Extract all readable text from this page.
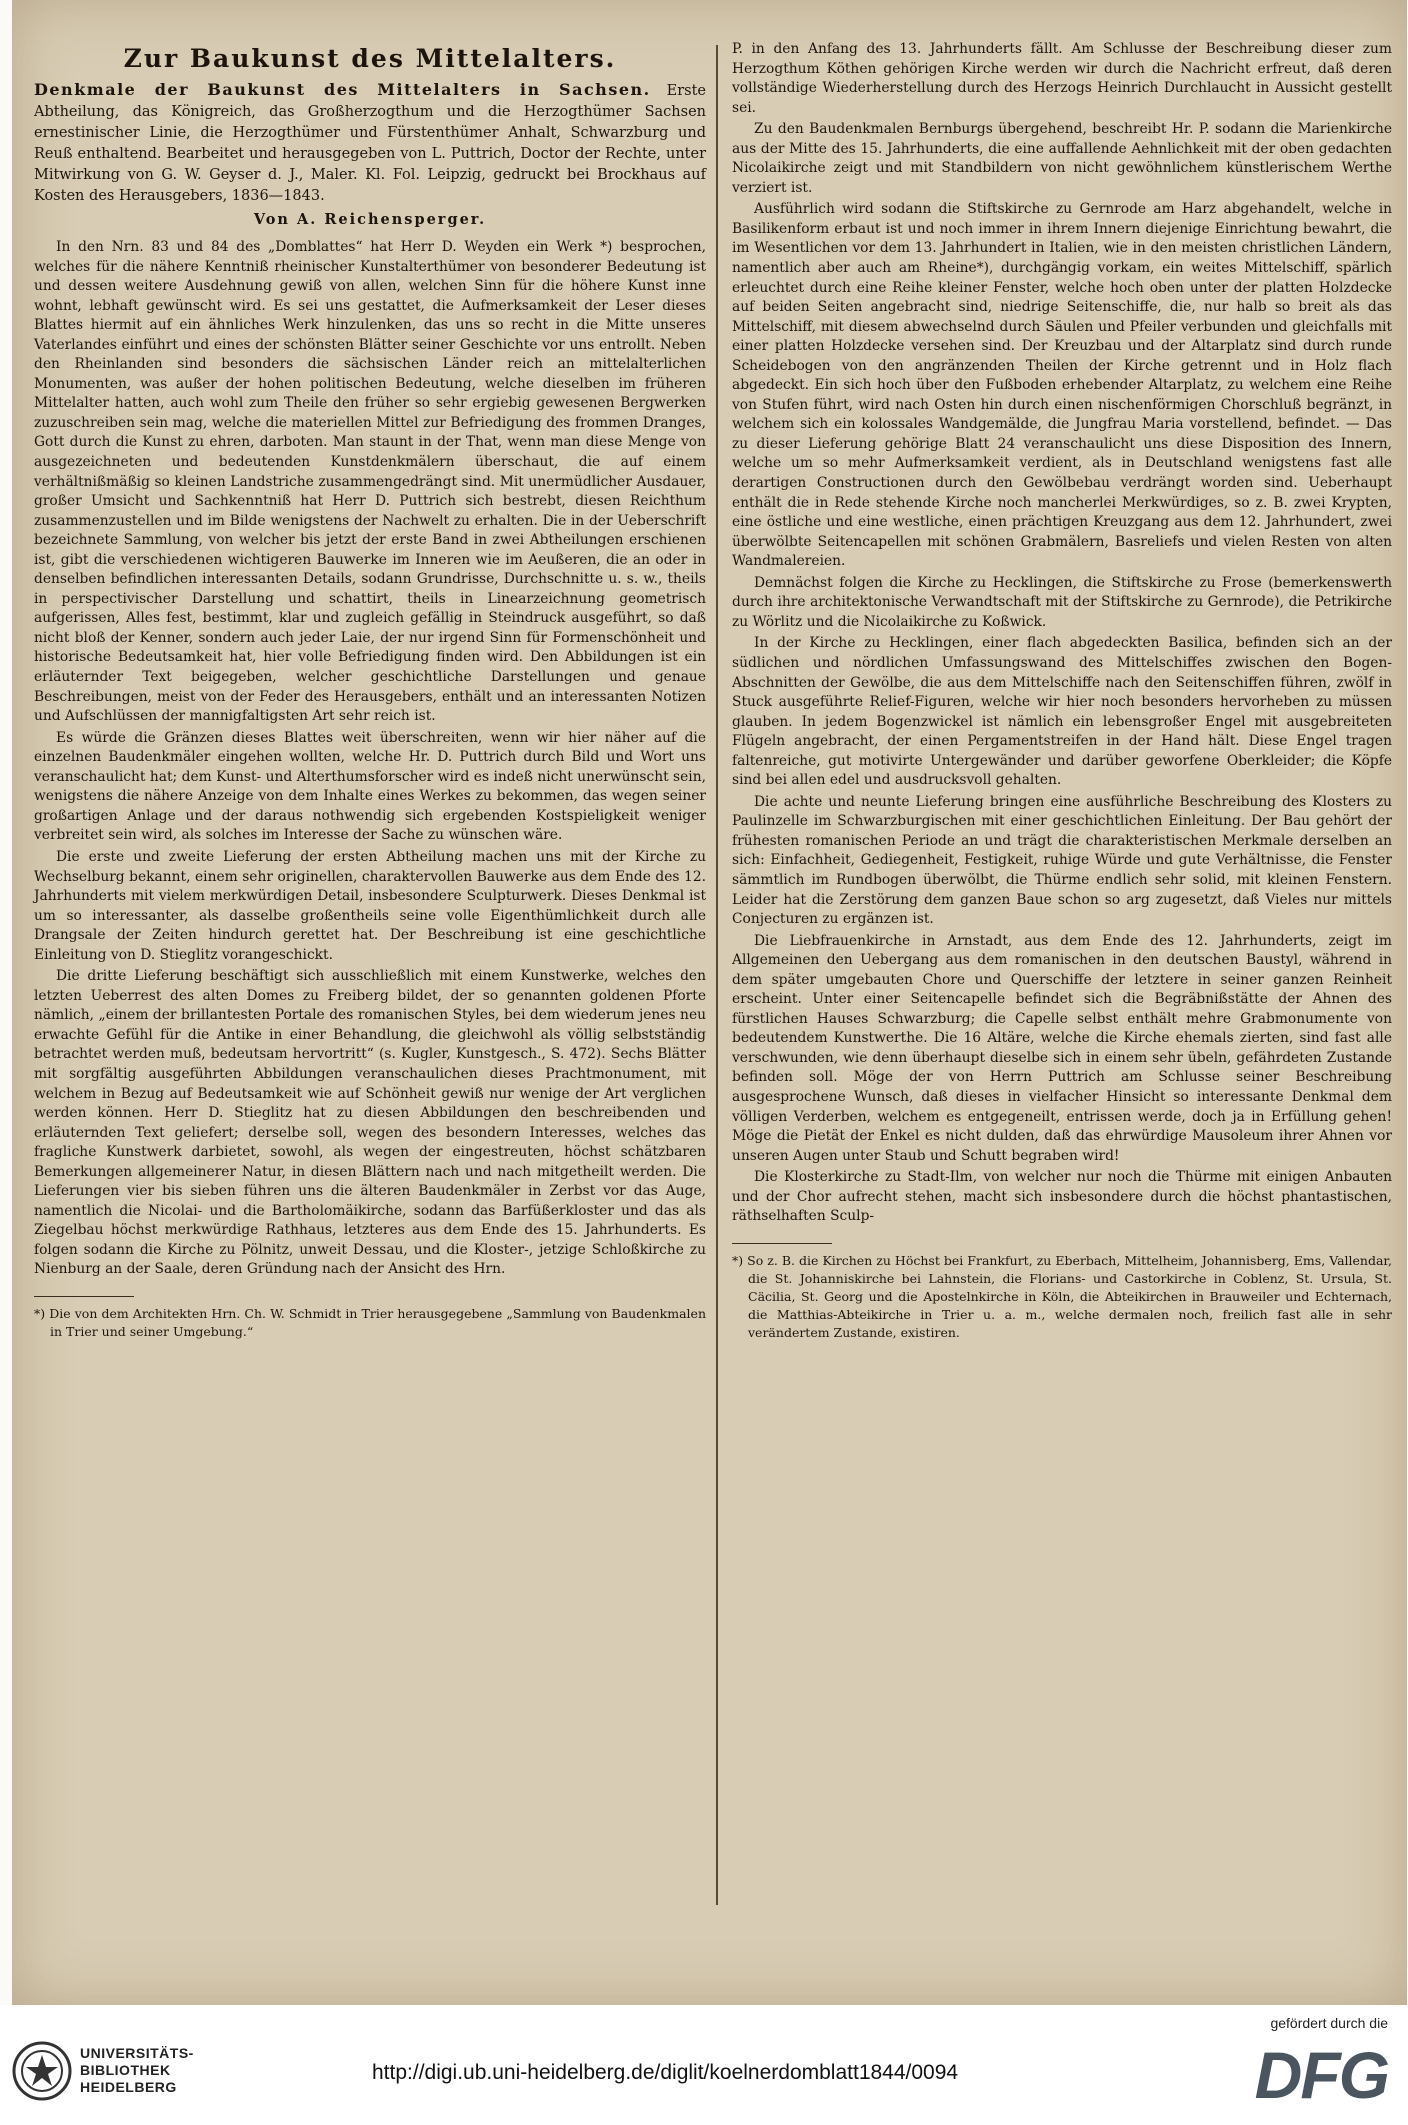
Zur Baukunst des Mittelalters.

Denkmale der Baukunst des Mittelalters in Sachsen. Erste Abtheilung, das Königreich, das Großherzogthum und die Herzogthümer Sachsen ernestinischer Linie, die Herzogthümer und Fürstenthümer Anhalt, Schwarzburg und Reuß enthaltend. Bearbeitet und herausgegeben von L. Puttrich, Doctor der Rechte, unter Mitwirkung von G. W. Geyser d. J., Maler. Kl. Fol. Leipzig, gedruckt bei Brockhaus auf Kosten des Herausgebers, 1836—1843.

Von A. Reichensperger.

In den Nrn. 83 und 84 des „Domblattes“ hat Herr D. Weyden ein Werk *) besprochen, welches für die nähere Kenntniß rheinischer Kunstalterthümer von besonderer Bedeutung ist und dessen weitere Ausdehnung gewiß von allen, welchen Sinn für die höhere Kunst inne wohnt, lebhaft gewünscht wird. Es sei uns gestattet, die Aufmerksamkeit der Leser dieses Blattes hiermit auf ein ähnliches Werk hinzulenken, das uns so recht in die Mitte unseres Vaterlandes einführt und eines der schönsten Blätter seiner Geschichte vor uns entrollt. Neben den Rheinlanden sind besonders die sächsischen Länder reich an mittelalterlichen Monumenten, was außer der hohen politischen Bedeutung, welche dieselben im früheren Mittelalter hatten, auch wohl zum Theile den früher so sehr ergiebig gewesenen Bergwerken zuzuschreiben sein mag, welche die materiellen Mittel zur Befriedigung des frommen Dranges, Gott durch die Kunst zu ehren, darboten. Man staunt in der That, wenn man diese Menge von ausgezeichneten und bedeutenden Kunstdenkmälern überschaut, die auf einem verhältnißmäßig so kleinen Landstriche zusammengedrängt sind. Mit unermüdlicher Ausdauer, großer Umsicht und Sachkenntniß hat Herr D. Puttrich sich bestrebt, diesen Reichthum zusammenzustellen und im Bilde wenigstens der Nachwelt zu erhalten. Die in der Ueberschrift bezeichnete Sammlung, von welcher bis jetzt der erste Band in zwei Abtheilungen erschienen ist, gibt die verschiedenen wichtigeren Bauwerke im Inneren wie im Aeußeren, die an oder in denselben befindlichen interessanten Details, sodann Grundrisse, Durchschnitte u. s. w., theils in perspectivischer Darstellung und schattirt, theils in Linearzeichnung geometrisch aufgerissen, Alles fest, bestimmt, klar und zugleich gefällig in Steindruck ausgeführt, so daß nicht bloß der Kenner, sondern auch jeder Laie, der nur irgend Sinn für Formenschönheit und historische Bedeutsamkeit hat, hier volle Befriedigung finden wird. Den Abbildungen ist ein erläuternder Text beigegeben, welcher geschichtliche Darstellungen und genaue Beschreibungen, meist von der Feder des Herausgebers, enthält und an interessanten Notizen und Aufschlüssen der mannigfaltigsten Art sehr reich ist.

Es würde die Gränzen dieses Blattes weit überschreiten, wenn wir hier näher auf die einzelnen Baudenkmäler eingehen wollten, welche Hr. D. Puttrich durch Bild und Wort uns veranschaulicht hat; dem Kunst- und Alterthumsforscher wird es indeß nicht unerwünscht sein, wenigstens die nähere Anzeige von dem Inhalte eines Werkes zu bekommen, das wegen seiner großartigen Anlage und der daraus nothwendig sich ergebenden Kostspieligkeit weniger verbreitet sein wird, als solches im Interesse der Sache zu wünschen wäre.

Die erste und zweite Lieferung der ersten Abtheilung machen uns mit der Kirche zu Wechselburg bekannt, einem sehr originellen, charaktervollen Bauwerke aus dem Ende des 12. Jahrhunderts mit vielem merkwürdigen Detail, insbesondere Sculpturwerk. Dieses Denkmal ist um so interessanter, als dasselbe großentheils seine volle Eigenthümlichkeit durch alle Drangsale der Zeiten hindurch gerettet hat. Der Beschreibung ist eine geschichtliche Einleitung von D. Stieglitz vorangeschickt.

Die dritte Lieferung beschäftigt sich ausschließlich mit einem Kunstwerke, welches den letzten Ueberrest des alten Domes zu Freiberg bildet, der so genannten goldenen Pforte nämlich, „einem der brillantesten Portale des romanischen Styles, bei dem wiederum jenes neu erwachte Gefühl für die Antike in einer Behandlung, die gleichwohl als völlig selbstständig betrachtet werden muß, bedeutsam hervortritt“ (s. Kugler, Kunstgesch., S. 472). Sechs Blätter mit sorgfältig ausgeführten Abbildungen veranschaulichen dieses Prachtmonument, mit welchem in Bezug auf Bedeutsamkeit wie auf Schönheit gewiß nur wenige der Art verglichen werden können. Herr D. Stieglitz hat zu diesen Abbildungen den beschreibenden und erläuternden Text geliefert; derselbe soll, wegen des besondern Interesses, welches das fragliche Kunstwerk darbietet, sowohl, als wegen der eingestreuten, höchst schätzbaren Bemerkungen allgemeinerer Natur, in diesen Blättern nach und nach mitgetheilt werden. Die Lieferungen vier bis sieben führen uns die älteren Baudenkmäler in Zerbst vor das Auge, namentlich die Nicolai- und die Bartholomäikirche, sodann das Barfüßerkloster und das als Ziegelbau höchst merkwürdige Rathhaus, letzteres aus dem Ende des 15. Jahrhunderts. Es folgen sodann die Kirche zu Pölnitz, unweit Dessau, und die Kloster-, jetzige Schloßkirche zu Nienburg an der Saale, deren Gründung nach der Ansicht des Hrn.

*) Die von dem Architekten Hrn. Ch. W. Schmidt in Trier herausgegebene „Sammlung von Baudenkmalen in Trier und seiner Umgebung.“

P. in den Anfang des 13. Jahrhunderts fällt. Am Schlusse der Beschreibung dieser zum Herzogthum Köthen gehörigen Kirche werden wir durch die Nachricht erfreut, daß deren vollständige Wiederherstellung durch des Herzogs Heinrich Durchlaucht in Aussicht gestellt sei.

Zu den Baudenkmalen Bernburgs übergehend, beschreibt Hr. P. sodann die Marienkirche aus der Mitte des 15. Jahrhunderts, die eine auffallende Aehnlichkeit mit der oben gedachten Nicolaikirche zeigt und mit Standbildern von nicht gewöhnlichem künstlerischem Werthe verziert ist.

Ausführlich wird sodann die Stiftskirche zu Gernrode am Harz abgehandelt, welche in Basilikenform erbaut ist und noch immer in ihrem Innern diejenige Einrichtung bewahrt, die im Wesentlichen vor dem 13. Jahrhundert in Italien, wie in den meisten christlichen Ländern, namentlich aber auch am Rheine*), durchgängig vorkam, ein weites Mittelschiff, spärlich erleuchtet durch eine Reihe kleiner Fenster, welche hoch oben unter der platten Holzdecke auf beiden Seiten angebracht sind, niedrige Seitenschiffe, die, nur halb so breit als das Mittelschiff, mit diesem abwechselnd durch Säulen und Pfeiler verbunden und gleichfalls mit einer platten Holzdecke versehen sind. Der Kreuzbau und der Altarplatz sind durch runde Scheidebogen von den angränzenden Theilen der Kirche getrennt und in Holz flach abgedeckt. Ein sich hoch über den Fußboden erhebender Altarplatz, zu welchem eine Reihe von Stufen führt, wird nach Osten hin durch einen nischenförmigen Chorschluß begränzt, in welchem sich ein kolossales Wandgemälde, die Jungfrau Maria vorstellend, befindet. — Das zu dieser Lieferung gehörige Blatt 24 veranschaulicht uns diese Disposition des Innern, welche um so mehr Aufmerksamkeit verdient, als in Deutschland wenigstens fast alle derartigen Constructionen durch den Gewölbebau verdrängt worden sind. Ueberhaupt enthält die in Rede stehende Kirche noch mancherlei Merkwürdiges, so z. B. zwei Krypten, eine östliche und eine westliche, einen prächtigen Kreuzgang aus dem 12. Jahrhundert, zwei überwölbte Seitencapellen mit schönen Grabmälern, Basreliefs und vielen Resten von alten Wandmalereien.

Demnächst folgen die Kirche zu Hecklingen, die Stiftskirche zu Frose (bemerkenswerth durch ihre architektonische Verwandtschaft mit der Stiftskirche zu Gernrode), die Petrikirche zu Wörlitz und die Nicolaikirche zu Koßwick.

In der Kirche zu Hecklingen, einer flach abgedeckten Basilica, befinden sich an der südlichen und nördlichen Umfassungswand des Mittelschiffes zwischen den Bogen-Abschnitten der Gewölbe, die aus dem Mittelschiffe nach den Seitenschiffen führen, zwölf in Stuck ausgeführte Relief-Figuren, welche wir hier noch besonders hervorheben zu müssen glauben. In jedem Bogenzwickel ist nämlich ein lebensgroßer Engel mit ausgebreiteten Flügeln angebracht, der einen Pergamentstreifen in der Hand hält. Diese Engel tragen faltenreiche, gut motivirte Untergewänder und darüber geworfene Oberkleider; die Köpfe sind bei allen edel und ausdrucksvoll gehalten.

Die achte und neunte Lieferung bringen eine ausführliche Beschreibung des Klosters zu Paulinzelle im Schwarzburgischen mit einer geschichtlichen Einleitung. Der Bau gehört der frühesten romanischen Periode an und trägt die charakteristischen Merkmale derselben an sich: Einfachheit, Gediegenheit, Festigkeit, ruhige Würde und gute Verhältnisse, die Fenster sämmtlich im Rundbogen überwölbt, die Thürme endlich sehr solid, mit kleinen Fenstern. Leider hat die Zerstörung dem ganzen Baue schon so arg zugesetzt, daß Vieles nur mittels Conjecturen zu ergänzen ist.

Die Liebfrauenkirche in Arnstadt, aus dem Ende des 12. Jahrhunderts, zeigt im Allgemeinen den Uebergang aus dem romanischen in den deutschen Baustyl, während in dem später umgebauten Chore und Querschiffe der letztere in seiner ganzen Reinheit erscheint. Unter einer Seitencapelle befindet sich die Begräbnißstätte der Ahnen des fürstlichen Hauses Schwarzburg; die Capelle selbst enthält mehre Grabmonumente von bedeutendem Kunstwerthe. Die 16 Altäre, welche die Kirche ehemals zierten, sind fast alle verschwunden, wie denn überhaupt dieselbe sich in einem sehr übeln, gefährdeten Zustande befinden soll. Möge der von Herrn Puttrich am Schlusse seiner Beschreibung ausgesprochene Wunsch, daß dieses in vielfacher Hinsicht so interessante Denkmal dem völligen Verderben, welchem es entgegeneilt, entrissen werde, doch ja in Erfüllung gehen! Möge die Pietät der Enkel es nicht dulden, daß das ehrwürdige Mausoleum ihrer Ahnen vor unseren Augen unter Staub und Schutt begraben wird!

Die Klosterkirche zu Stadt-Ilm, von welcher nur noch die Thürme mit einigen Anbauten und der Chor aufrecht stehen, macht sich insbesondere durch die höchst phantastischen, räthselhaften Sculp-

*) So z. B. die Kirchen zu Höchst bei Frankfurt, zu Eberbach, Mittelheim, Johannisberg, Ems, Vallendar, die St. Johanniskirche bei Lahnstein, die Florians- und Castorkirche in Coblenz, St. Ursula, St. Cäcilia, St. Georg und die Apostelnkirche in Köln, die Abteikirchen in Brauweiler und Echternach, die Matthias-Abteikirche in Trier u. a. m., welche dermalen noch, freilich fast alle in sehr verändertem Zustande, existiren.

UNIVERSITÄTS-
BIBLIOTHEK
HEIDELBERG
http://digi.ub.uni-heidelberg.de/diglit/koelnerdomblatt1844/0094
gefördert durch die
DFG
